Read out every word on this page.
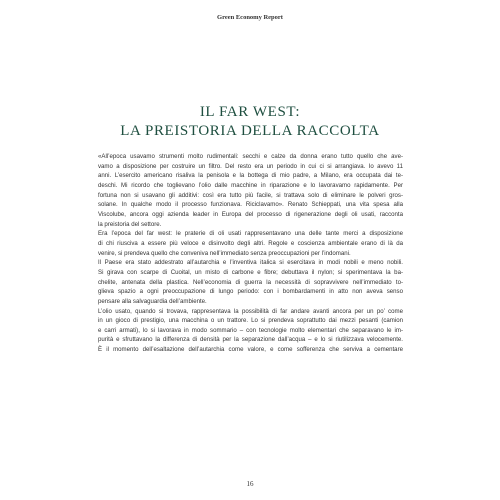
Green Economy Report
IL FAR WEST:
LA PREISTORIA DELLA RACCOLTA
«All’epoca usavamo strumenti molto rudimentali: secchi e calze da donna erano tutto quello che ave-
vamo a disposizione per costruire un filtro. Del resto era un periodo in cui ci si arrangiava. Io avevo 11
anni. L’esercito americano risaliva la penisola e la bottega di mio padre, a Milano, era occupata dai te-
deschi. Mi ricordo che toglievano l’olio dalle macchine in riparazione e lo lavoravamo rapidamente. Per
fortuna non si usavano gli additivi: così era tutto più facile, si trattava solo di eliminare le polveri gros-
solane. In qualche modo il processo funzionava. Riciclavamo». Renato Schieppati, una vita spesa alla
Viscolube, ancora oggi azienda leader in Europa del processo di rigenerazione degli oli usati, racconta
la preistoria del settore.
Era l’epoca del far west: le praterie di oli usati rappresentavano una delle tante merci a disposizione
di chi riusciva a essere più veloce e disinvolto degli altri. Regole e coscienza ambientale erano di là da
venire, si prendeva quello che conveniva nell’immediato senza preoccupazioni per l’indomani.
Il Paese era stato addestrato all’autarchia e l’inventiva italica si esercitava in modi nobili e meno nobili.
Si girava con scarpe di Cuoital, un misto di carbone e fibre; debuttava il nylon; si sperimentava la ba-
chelite, antenata della plastica. Nell’economia di guerra la necessità di sopravvivere nell’immediato to-
glieva spazio a ogni preoccupazione di lungo periodo: con i bombardamenti in atto non aveva senso
pensare alla salvaguardia dell’ambiente.
L’olio usato, quando si trovava, rappresentava la possibilità di far andare avanti ancora per un po’ come
in un gioco di prestigio, una macchina o un trattore. Lo si prendeva soprattutto dai mezzi pesanti (camion
e carri armati), lo si lavorava in modo sommario – con tecnologie molto elementari che separavano le im-
purità e sfruttavano la differenza di densità per la separazione dall’acqua – e lo si riutilizzava velocemente.
È il momento dell’esaltazione dell’autarchia come valore, e come sofferenza che serviva a cementare
16
